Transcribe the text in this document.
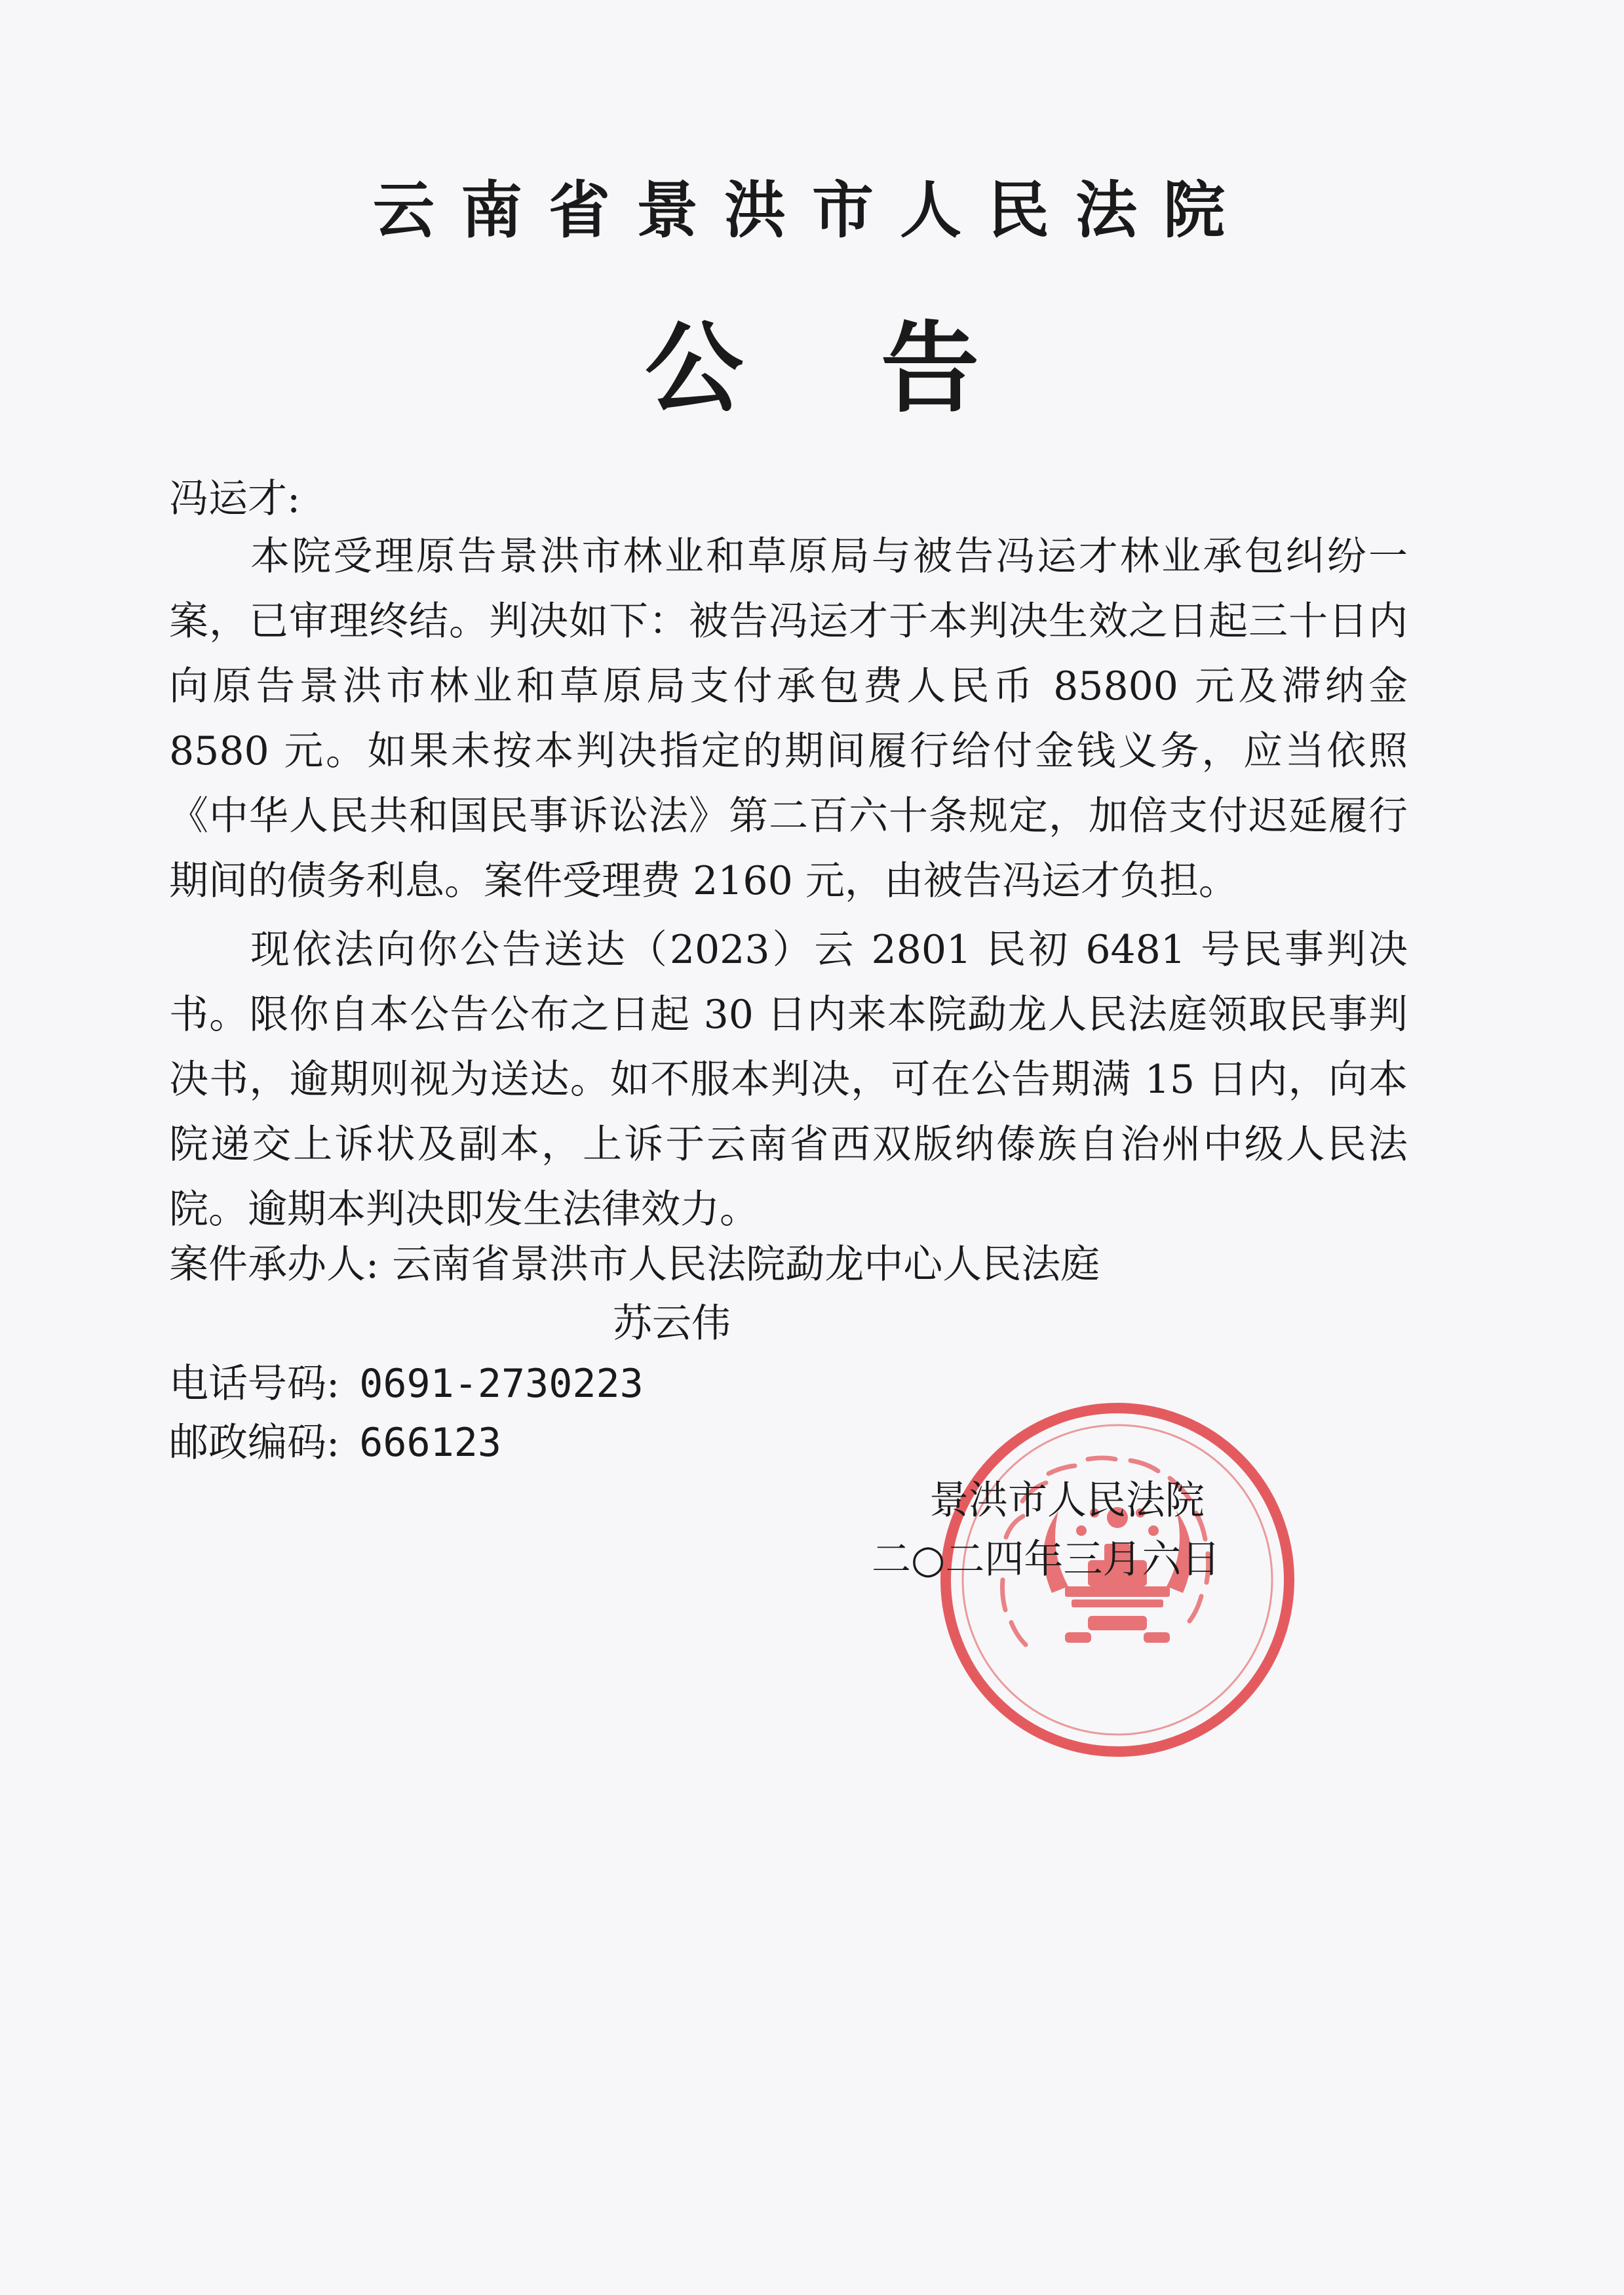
云南省景洪市人民法院
公 告
冯运才:
本院受理原告景洪市林业和草原局与被告冯运才林业承包纠纷一案，已审理终结。判决如下：被告冯运才于本判决生效之日起三十日内向原告景洪市林业和草原局支付承包费人民币 85800 元及滞纳金 8580 元。如果未按本判决指定的期间履行给付金钱义务，应当依照《中华人民共和国民事诉讼法》第二百六十条规定，加倍支付迟延履行期间的债务利息。案件受理费 2160 元，由被告冯运才负担。
现依法向你公告送达（2023）云 2801 民初 6481 号民事判决书。限你自本公告公布之日起 30 日内来本院勐龙人民法庭领取民事判决书，逾期则视为送达。如不服本判决，可在公告期满 15 日内，向本院递交上诉状及副本，上诉于云南省西双版纳傣族自治州中级人民法院。逾期本判决即发生法律效力。
案件承办人: 云南省景洪市人民法院勐龙中心人民法庭
苏云伟
电话号码: 0691-2730223
邮政编码: 666123
景洪市人民法院
二○二四年三月六日
